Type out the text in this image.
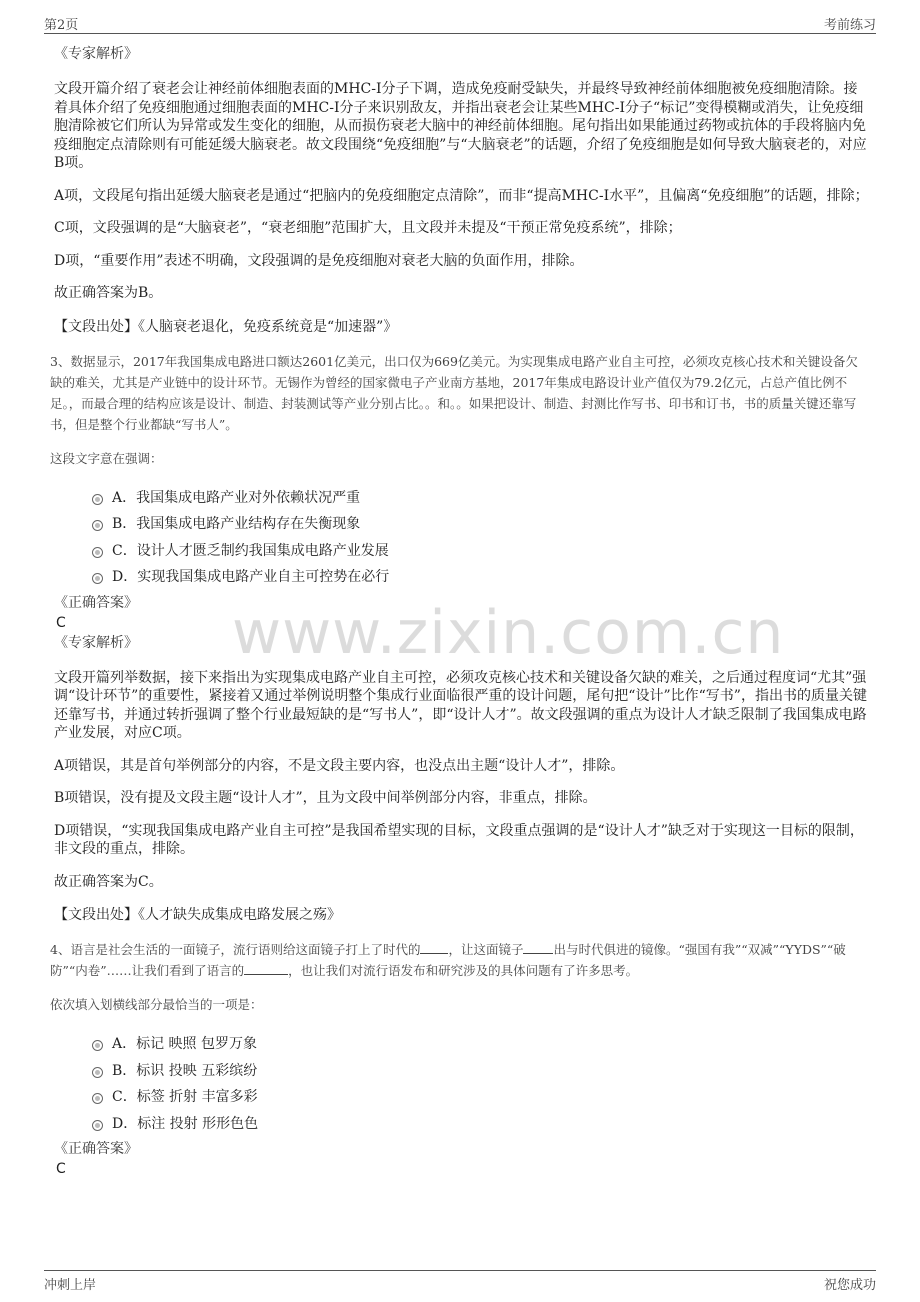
第2页	考前练习
www.zixin.com.cn

《专家解析》

文段开篇介绍了衰老会让神经前体细胞表面的MHC-I分子下调，造成免疫耐受缺失，并最终导致神经前体细胞被免疫细胞清除。接着具体介绍了免疫细胞通过细胞表面的MHC-I分子来识别敌友，并指出衰老会让某些MHC-I分子“标记”变得模糊或消失，让免疫细胞清除被它们所认为异常或发生变化的细胞，从而损伤衰老大脑中的神经前体细胞。尾句指出如果能通过药物或抗体的手段将脑内免疫细胞定点清除则有可能延缓大脑衰老。故文段围绕“免疫细胞”与“大脑衰老”的话题，介绍了免疫细胞是如何导致大脑衰老的，对应B项。

A项，文段尾句指出延缓大脑衰老是通过“把脑内的免疫细胞定点清除”，而非“提高MHC-I水平”，且偏离“免疫细胞”的话题，排除；

C项，文段强调的是“大脑衰老”，“衰老细胞”范围扩大，且文段并未提及“干预正常免疫系统”，排除；

D项，“重要作用”表述不明确，文段强调的是免疫细胞对衰老大脑的负面作用，排除。

故正确答案为B。

【文段出处】《人脑衰老退化，免疫系统竟是“加速器”》

3、数据显示，2017年我国集成电路进口额达2601亿美元，出口仅为669亿美元。为实现集成电路产业自主可控，必须攻克核心技术和关键设备欠缺的难关，尤其是产业链中的设计环节。无锡作为曾经的国家微电子产业南方基地，2017年集成电路设计业产值仅为79.2亿元，占总产值比例不足。，而最合理的结构应该是设计、制造、封装测试等产业分别占比。。和。。如果把设计、制造、封测比作写书、印书和订书，书的质量关键还靠写书，但是整个行业都缺“写书人”。

这段文字意在强调：

A．我国集成电路产业对外依赖状况严重
B．我国集成电路产业结构存在失衡现象
C．设计人才匮乏制约我国集成电路产业发展
D．实现我国集成电路产业自主可控势在必行

《正确答案》

C

《专家解析》

文段开篇列举数据，接下来指出为实现集成电路产业自主可控，必须攻克核心技术和关键设备欠缺的难关，之后通过程度词“尤其”强调“设计环节”的重要性，紧接着又通过举例说明整个集成行业面临很严重的设计问题，尾句把“设计”比作“写书”，指出书的质量关键还靠写书，并通过转折强调了整个行业最短缺的是“写书人”，即“设计人才”。故文段强调的重点为设计人才缺乏限制了我国集成电路产业发展，对应C项。

A项错误，其是首句举例部分的内容，不是文段主要内容，也没点出主题“设计人才”，排除。

B项错误，没有提及文段主题“设计人才”，且为文段中间举例部分内容，非重点，排除。

D项错误，“实现我国集成电路产业自主可控”是我国希望实现的目标，文段重点强调的是“设计人才”缺乏对于实现这一目标的限制，非文段的重点，排除。

故正确答案为C。

【文段出处】《人才缺失成集成电路发展之殇》

4、语言是社会生活的一面镜子，流行语则给这面镜子打上了时代的 ，让这面镜子 出与时代俱进的镜像。“强国有我”“双减”“YYDS”“破防”“内卷”……让我们看到了语言的	，也让我们对流行语发布和研究涉及的具体问题有了许多思考。

依次填入划横线部分最恰当的一项是：

A．标记 映照 包罗万象
B．标识 投映 五彩缤纷
C．标签 折射 丰富多彩
D．标注 投射 形形色色

《正确答案》

C

冲刺上岸	祝您成功
